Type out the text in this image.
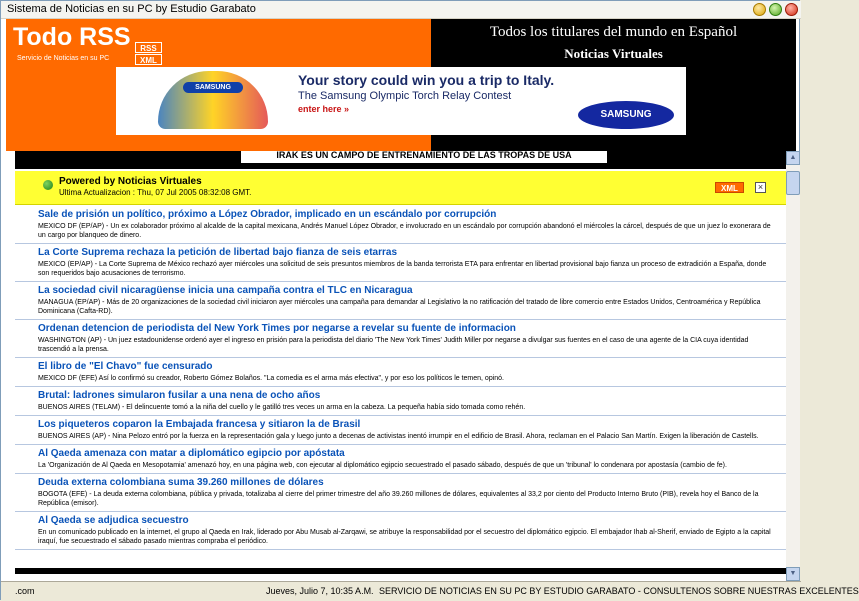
Sistema de Noticias en su PC by Estudio Garabato
Todo RSS
Servicio de Noticias en su PC
RSS
XML
Todos los titulares del mundo en Español
Noticias Virtuales
SAMSUNG	Your story could win you a trip to Italy.
The Samsung Olympic Torch Relay Contest
enter here »	SAMSUNG
IRAK ES UN CAMPO DE ENTRENAMIENTO DE LAS TROPAS DE USA
Powered by Noticias Virtuales
Ultima Actualizacion : Thu, 07 Jul 2005 08:32:08 GMT.	XML	×
Sale de prisión un político, próximo a López Obrador, implicado en un escándalo por corrupción
MEXICO DF (EP/AP) - Un ex colaborador próximo al alcalde de la capital mexicana, Andrés Manuel López Obrador, e involucrado en un escándalo por corrupción abandonó el miércoles la cárcel, después de que un juez lo exonerara de un cargo por blanqueo de dinero.
La Corte Suprema rechaza la petición de libertad bajo fianza de seis etarras
MEXICO (EP/AP) - La Corte Suprema de México rechazó ayer miércoles una solicitud de seis presuntos miembros de la banda terrorista ETA para enfrentar en libertad provisional bajo fianza un proceso de extradición a España, donde son requeridos bajo acusaciones de terrorismo.
La sociedad civil nicaragüense inicia una campaña contra el TLC en Nicaragua
MANAGUA (EP/AP) - Más de 20 organizaciones de la sociedad civil iniciaron ayer miércoles una campaña para demandar al Legislativo la no ratificación del tratado de libre comercio entre Estados Unidos, Centroamérica y República Dominicana (Cafta-RD).
Ordenan detencion de periodista del New York Times por negarse a revelar su fuente de informacion
WASHINGTON (AP) - Un juez estadounidense ordenó ayer el ingreso en prisión para la periodista del diario 'The New York Times' Judith Miller por negarse a divulgar sus fuentes en el caso de una agente de la CIA cuya identidad trascendió a la prensa.
El libro de "El Chavo" fue censurado
MEXICO DF (EFE) Así lo confirmó su creador, Roberto Gómez Bolaños. "La comedia es el arma más efectiva", y por eso los políticos le temen, opinó.
Brutal: ladrones simularon fusilar a una nena de ocho años
BUENOS AIRES (TELAM) - El delincuente tomó a la niña del cuello y le gatilló tres veces un arma en la cabeza. La pequeña había sido tomada como rehén.
Los piqueteros coparon la Embajada francesa y sitiaron la de Brasil
BUENOS AIRES (AP) - Nina Pelozo entró por la fuerza en la representación gala y luego junto a decenas de activistas inentó irrumpir en el edificio de Brasil. Ahora, reclaman en el Palacio San Martín. Exigen la liberación de Castells.
Al Qaeda amenaza con matar a diplomático egipcio por apóstata
La 'Organización de Al Qaeda en Mesopotamia' amenazó hoy, en una página web, con ejecutar al diplomático egipcio secuestrado el pasado sábado, después de que un 'tribunal' lo condenara por apostasía (cambio de fe).
Deuda externa colombiana suma 39.260 millones de dólares
BOGOTA (EFE) - La deuda externa colombiana, pública y privada, totalizaba al cierre del primer trimestre del año 39.260 millones de dólares, equivalentes al 33,2 por ciento del Producto Interno Bruto (PIB), revela hoy el Banco de la República (emisor).
Al Qaeda se adjudica secuestro
En un comunicado publicado en la internet, el grupo al Qaeda en Irak, liderado por Abu Musab al-Zarqawi, se atribuye la responsabilidad por el secuestro del diplomático egipcio. El embajador Ihab al-Sherif, enviado de Egipto a la capital iraquí, fue secuestrado el sábado pasado mientras compraba el periódico.
▲
▼
.com	Jueves, Julio 7, 10:35 A.M. SERVICIO DE NOTICIAS EN SU PC BY ESTUDIO GARABATO - CONSULTENOS SOBRE NUESTRAS EXCELENTES
